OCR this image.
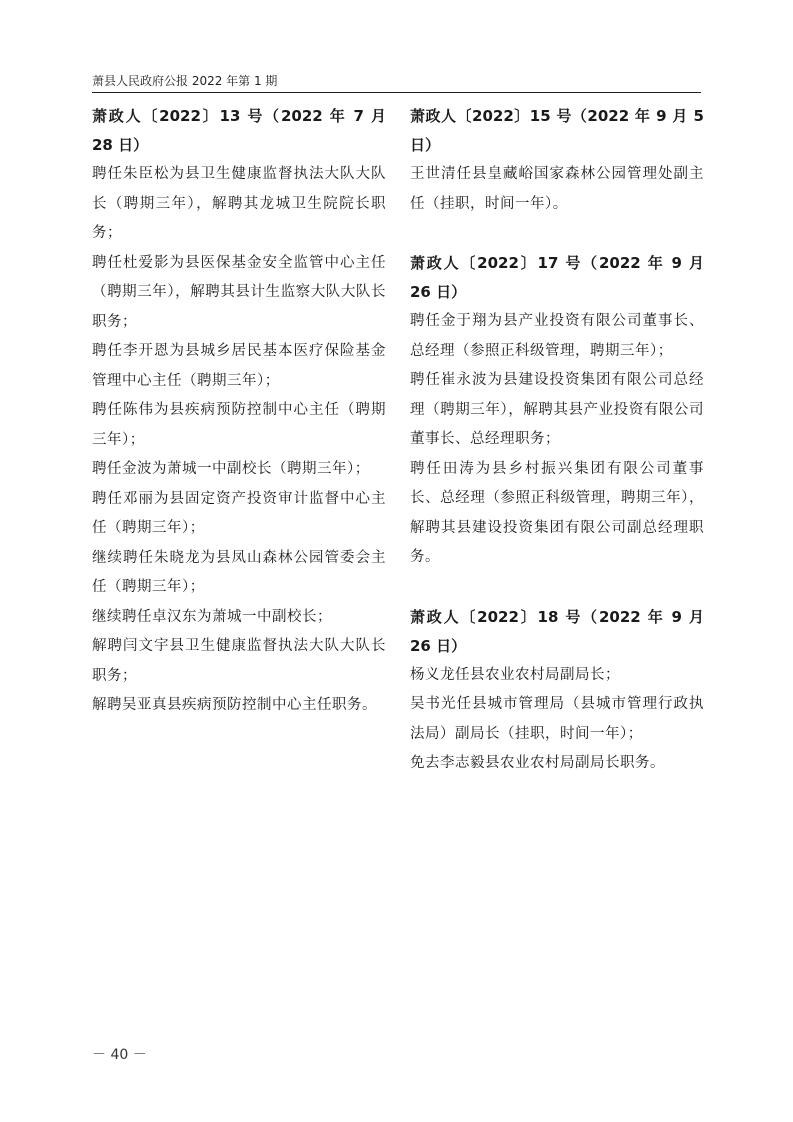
萧县人民政府公报 2022 年第 1 期

萧政人〔2022〕13 号（2022 年 7 月 28 日）

聘任朱臣松为县卫生健康监督执法大队大队长（聘期三年），解聘其龙城卫生院院长职务；

聘任杜爱影为县医保基金安全监管中心主任（聘期三年），解聘其县计生监察大队大队长职务；

聘任李开恩为县城乡居民基本医疗保险基金管理中心主任（聘期三年）；

聘任陈伟为县疾病预防控制中心主任（聘期三年）；

聘任金波为萧城一中副校长（聘期三年）；

聘任邓丽为县固定资产投资审计监督中心主任（聘期三年）；

继续聘任朱晓龙为县凤山森林公园管委会主任（聘期三年）；

继续聘任卓汉东为萧城一中副校长；

解聘闫文宇县卫生健康监督执法大队大队长职务；

解聘吴亚真县疾病预防控制中心主任职务。

萧政人〔2022〕15 号（2022 年 9 月 5 日）

王世清任县皇藏峪国家森林公园管理处副主任（挂职，时间一年）。

萧政人〔2022〕17 号（2022 年 9 月 26 日）

聘任金于翔为县产业投资有限公司董事长、总经理（参照正科级管理，聘期三年）；

聘任崔永波为县建设投资集团有限公司总经理（聘期三年），解聘其县产业投资有限公司董事长、总经理职务；

聘任田涛为县乡村振兴集团有限公司董事长、总经理（参照正科级管理，聘期三年），解聘其县建设投资集团有限公司副总经理职务。

萧政人〔2022〕18 号（2022 年 9 月 26 日）

杨义龙任县农业农村局副局长；

吴书光任县城市管理局（县城市管理行政执法局）副局长（挂职，时间一年）；

免去李志毅县农业农村局副局长职务。

－ 40 －
